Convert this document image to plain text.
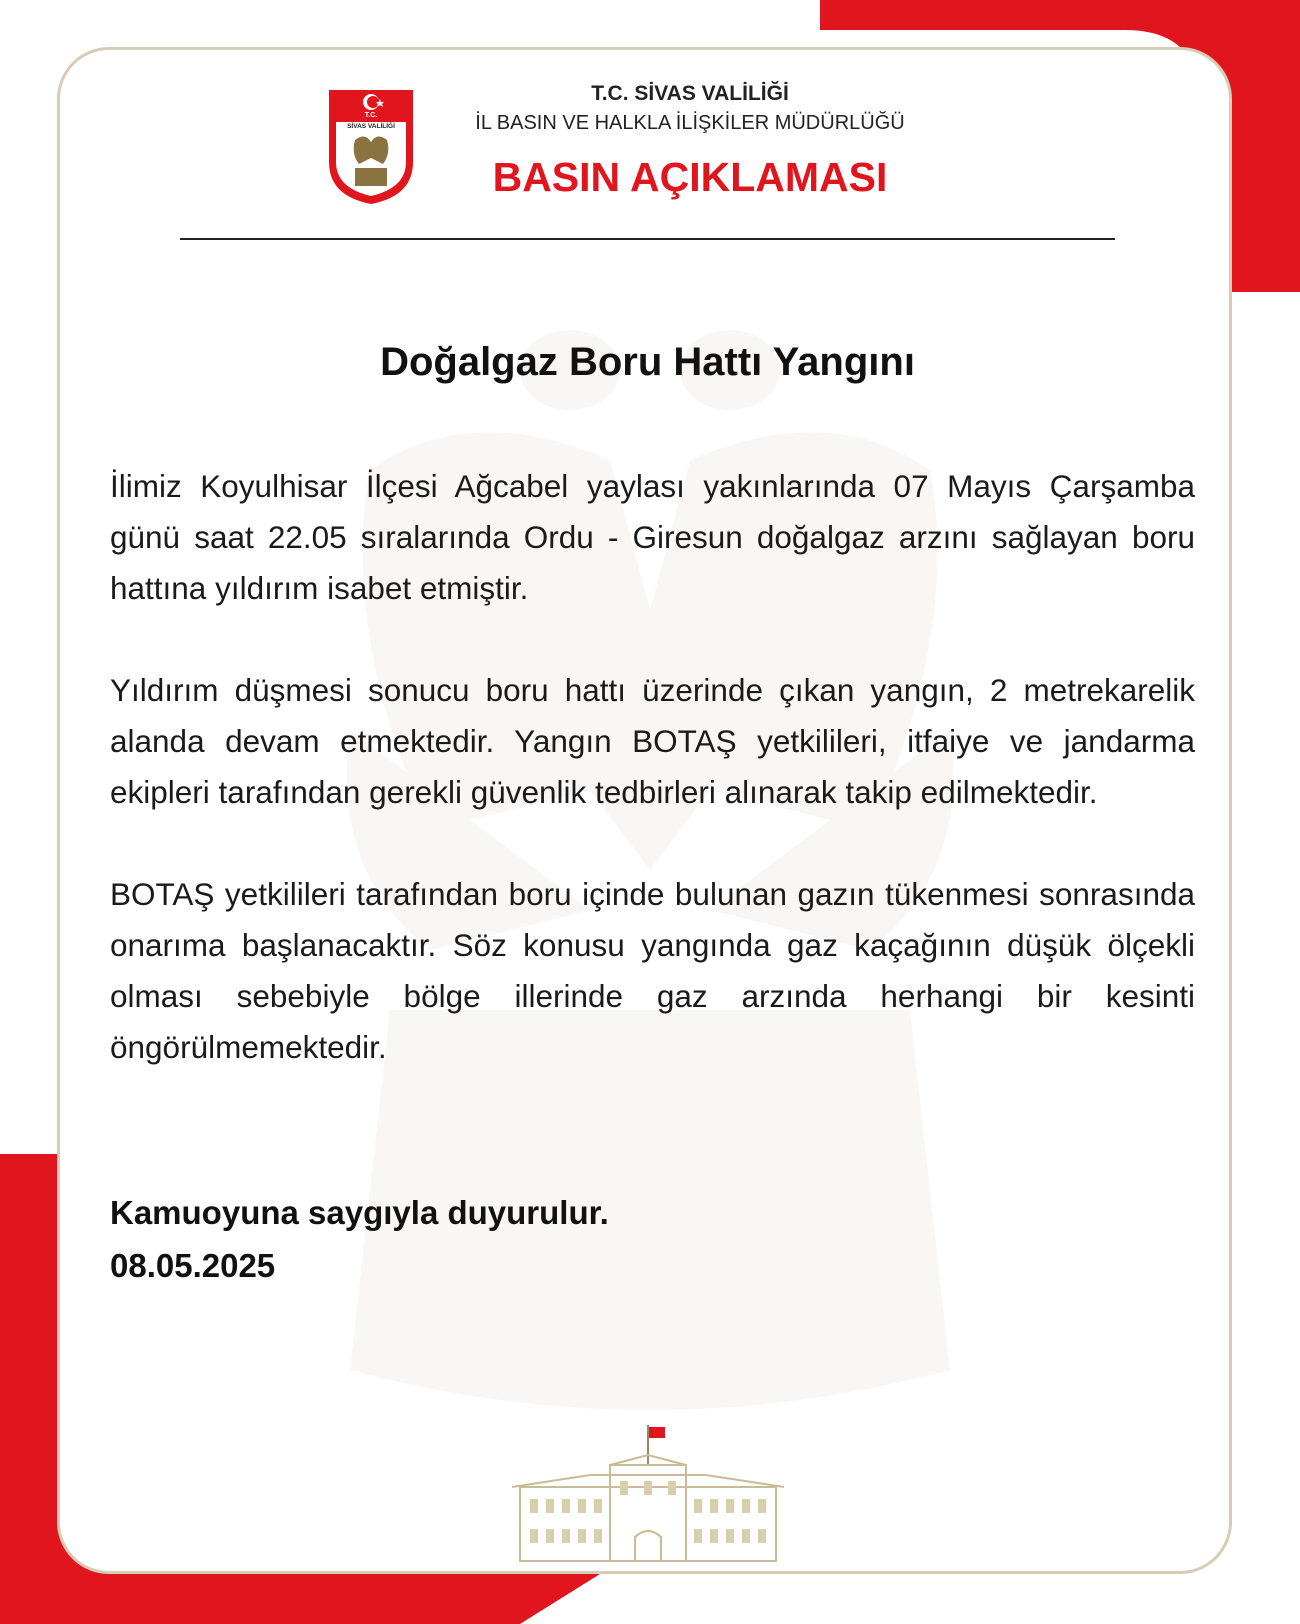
T.C.
SİVAS VALİLİĞİ
T.C. SİVAS VALİLİĞİ
İL BASIN VE HALKLA İLİŞKİLER MÜDÜRLÜĞÜ
BASIN AÇIKLAMASI
Doğalgaz Boru Hattı Yangını

İlimiz Koyulhisar İlçesi Ağcabel yaylası yakınlarında 07 Mayıs Çarşamba günü saat 22.05 sıralarında Ordu - Giresun doğalgaz arzını sağlayan boru hattına yıldırım isabet etmiştir.

Yıldırım düşmesi sonucu boru hattı üzerinde çıkan yangın, 2 metrekarelik alanda devam etmektedir. Yangın BOTAŞ yetkilileri, itfaiye ve jandarma ekipleri tarafından gerekli güvenlik tedbirleri alınarak takip edilmektedir.

BOTAŞ yetkilileri tarafından boru içinde bulunan gazın tükenmesi sonrasında onarıma başlanacaktır. Söz konusu yangında gaz kaçağının düşük ölçekli olması sebebiyle bölge illerinde gaz arzında herhangi bir kesinti öngörülmemektedir.

Kamuoyuna saygıyla duyurulur.
08.05.2025
